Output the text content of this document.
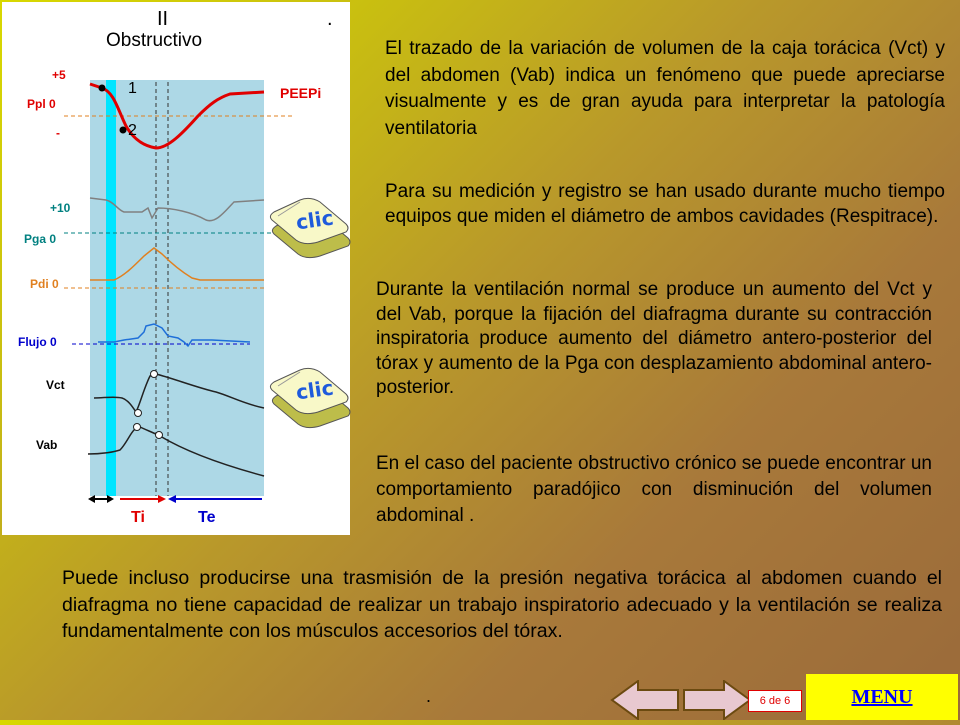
II	.
Obstructivo
+5
Ppl 0
-
+10
Pga 0
Pdi 0
Flujo 0
Vct
Vab
PEEPi
1
2
Ti	Te
clic
clic
El trazado de la variación de volumen de la caja torácica (Vct) y del abdomen (Vab) indica un fenómeno que puede apreciarse visualmente y es de gran ayuda para interpretar la patología ventilatoria
Para su medición y registro se han usado durante mucho tiempo equipos que miden el diámetro de ambos cavidades (Respitrace).
Durante la ventilación normal se produce un aumento del Vct y del Vab, porque la fijación del diafragma durante su contracción inspiratoria produce aumento del diámetro antero-posterior del tórax y aumento de la Pga con desplazamiento abdominal antero-posterior.
En el caso del paciente obstructivo crónico se puede encontrar un comportamiento paradójico con disminución del volumen abdominal .
Puede incluso producirse una trasmisión de la presión negativa torácica al abdomen cuando el diafragma no tiene capacidad de realizar un trabajo inspiratorio adecuado y la ventilación se realiza fundamentalmente con los músculos accesorios del tórax.
.	6 de 6	MENU
